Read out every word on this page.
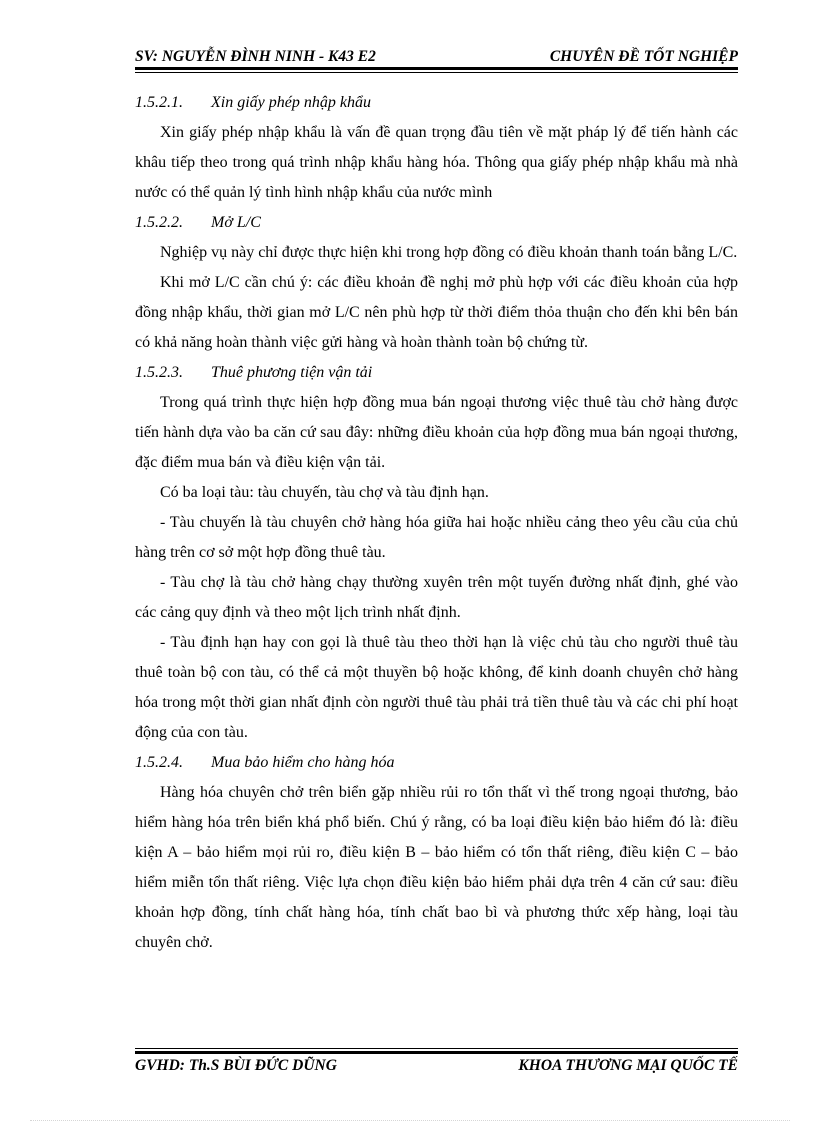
SV: NGUYỄN ĐÌNH NINH - K43 E2	CHUYÊN ĐỀ TỐT NGHIỆP

1.5.2.1. Xin giấy phép nhập khẩu

Xin giấy phép nhập khẩu là vấn đề quan trọng đầu tiên về mặt pháp lý để tiến hành các khâu tiếp theo trong quá trình nhập khẩu hàng hóa. Thông qua giấy phép nhập khẩu mà nhà nước có thể quản lý tình hình nhập khẩu của nước mình

1.5.2.2. Mở L/C

Nghiệp vụ này chỉ được thực hiện khi trong hợp đồng có điều khoản thanh toán bằng L/C.

Khi mở L/C cần chú ý: các điều khoản đề nghị mở phù hợp với các điều khoản của hợp đồng nhập khẩu, thời gian mở L/C nên phù hợp từ thời điểm thỏa thuận cho đến khi bên bán có khả năng hoàn thành việc gửi hàng và hoàn thành toàn bộ chứng từ.

1.5.2.3. Thuê phương tiện vận tải

Trong quá trình thực hiện hợp đồng mua bán ngoại thương việc thuê tàu chở hàng được tiến hành dựa vào ba căn cứ sau đây: những điều khoản của hợp đồng mua bán ngoại thương, đặc điểm mua bán và điều kiện vận tải.

Có ba loại tàu: tàu chuyến, tàu chợ và tàu định hạn.

- Tàu chuyến là tàu chuyên chở hàng hóa giữa hai hoặc nhiều cảng theo yêu cầu của chủ hàng trên cơ sở một hợp đồng thuê tàu.

- Tàu chợ là tàu chở hàng chạy thường xuyên trên một tuyến đường nhất định, ghé vào các cảng quy định và theo một lịch trình nhất định.

- Tàu định hạn hay con gọi là thuê tàu theo thời hạn là việc chủ tàu cho người thuê tàu thuê toàn bộ con tàu, có thể cả một thuyền bộ hoặc không, để kinh doanh chuyên chở hàng hóa trong một thời gian nhất định còn người thuê tàu phải trả tiền thuê tàu và các chi phí hoạt động của con tàu.

1.5.2.4. Mua bảo hiểm cho hàng hóa

Hàng hóa chuyên chở trên biển gặp nhiều rủi ro tổn thất vì thế trong ngoại thương, bảo hiểm hàng hóa trên biển khá phổ biến. Chú ý rằng, có ba loại điều kiện bảo hiểm đó là: điều kiện A – bảo hiểm mọi rủi ro, điều kiện B – bảo hiểm có tổn thất riêng, điều kiện C – bảo hiểm miễn tổn thất riêng. Việc lựa chọn điều kiện bảo hiểm phải dựa trên 4 căn cứ sau: điều khoản hợp đồng, tính chất hàng hóa, tính chất bao bì và phương thức xếp hàng, loại tàu chuyên chở.

GVHD: Th.S BÙI ĐỨC DŨNG	KHOA THƯƠNG MẠI QUỐC TẾ
